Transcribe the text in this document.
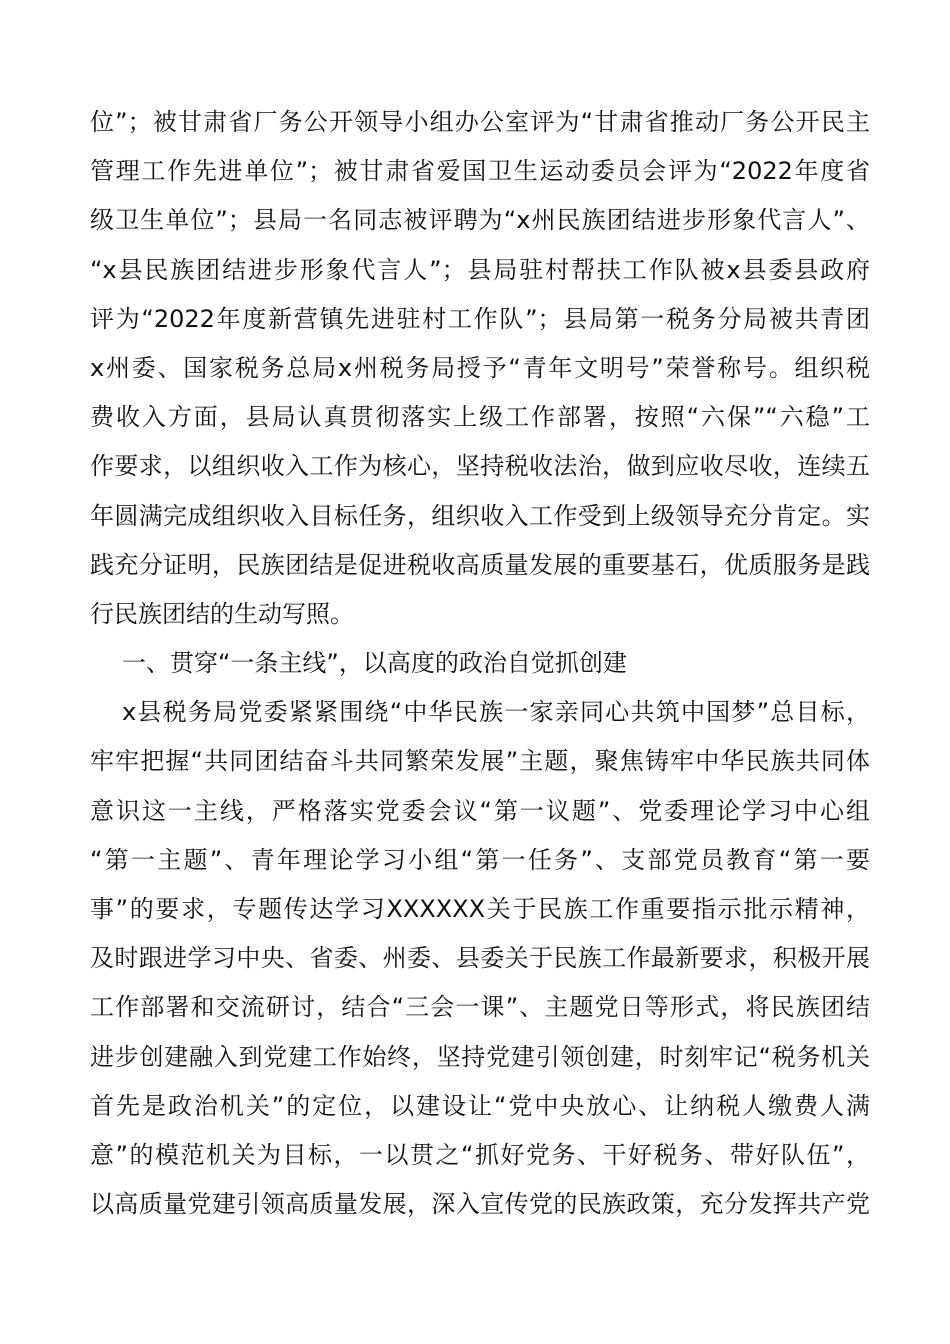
位”；被甘肃省厂务公开领导小组办公室评为“甘肃省推动厂务公开民主
管理工作先进单位”；被甘肃省爱国卫生运动委员会评为“2022年度省
级卫生单位”；县局一名同志被评聘为“x州民族团结进步形象代言人”、
“x县民族团结进步形象代言人”；县局驻村帮扶工作队被x县委县政府
评为“2022年度新营镇先进驻村工作队”；县局第一税务分局被共青团
x州委、国家税务总局x州税务局授予“青年文明号”荣誉称号。组织税
费收入方面，县局认真贯彻落实上级工作部署，按照“六保”“六稳”工
作要求，以组织收入工作为核心，坚持税收法治，做到应收尽收，连续五
年圆满完成组织收入目标任务，组织收入工作受到上级领导充分肯定。实
践充分证明，民族团结是促进税收高质量发展的重要基石，优质服务是践
行民族团结的生动写照。
一、贯穿“一条主线”，以高度的政治自觉抓创建
x县税务局党委紧紧围绕“中华民族一家亲同心共筑中国梦”总目标，
牢牢把握“共同团结奋斗共同繁荣发展”主题，聚焦铸牢中华民族共同体
意识这一主线，严格落实党委会议“第一议题”、党委理论学习中心组
“第一主题”、青年理论学习小组“第一任务”、支部党员教育“第一要
事”的要求，专题传达学习XXXXXX关于民族工作重要指示批示精神，
及时跟进学习中央、省委、州委、县委关于民族工作最新要求，积极开展
工作部署和交流研讨，结合“三会一课”、主题党日等形式，将民族团结
进步创建融入到党建工作始终，坚持党建引领创建，时刻牢记“税务机关
首先是政治机关”的定位，以建设让“党中央放心、让纳税人缴费人满
意”的模范机关为目标，一以贯之“抓好党务、干好税务、带好队伍”，
以高质量党建引领高质量发展，深入宣传党的民族政策，充分发挥共产党
